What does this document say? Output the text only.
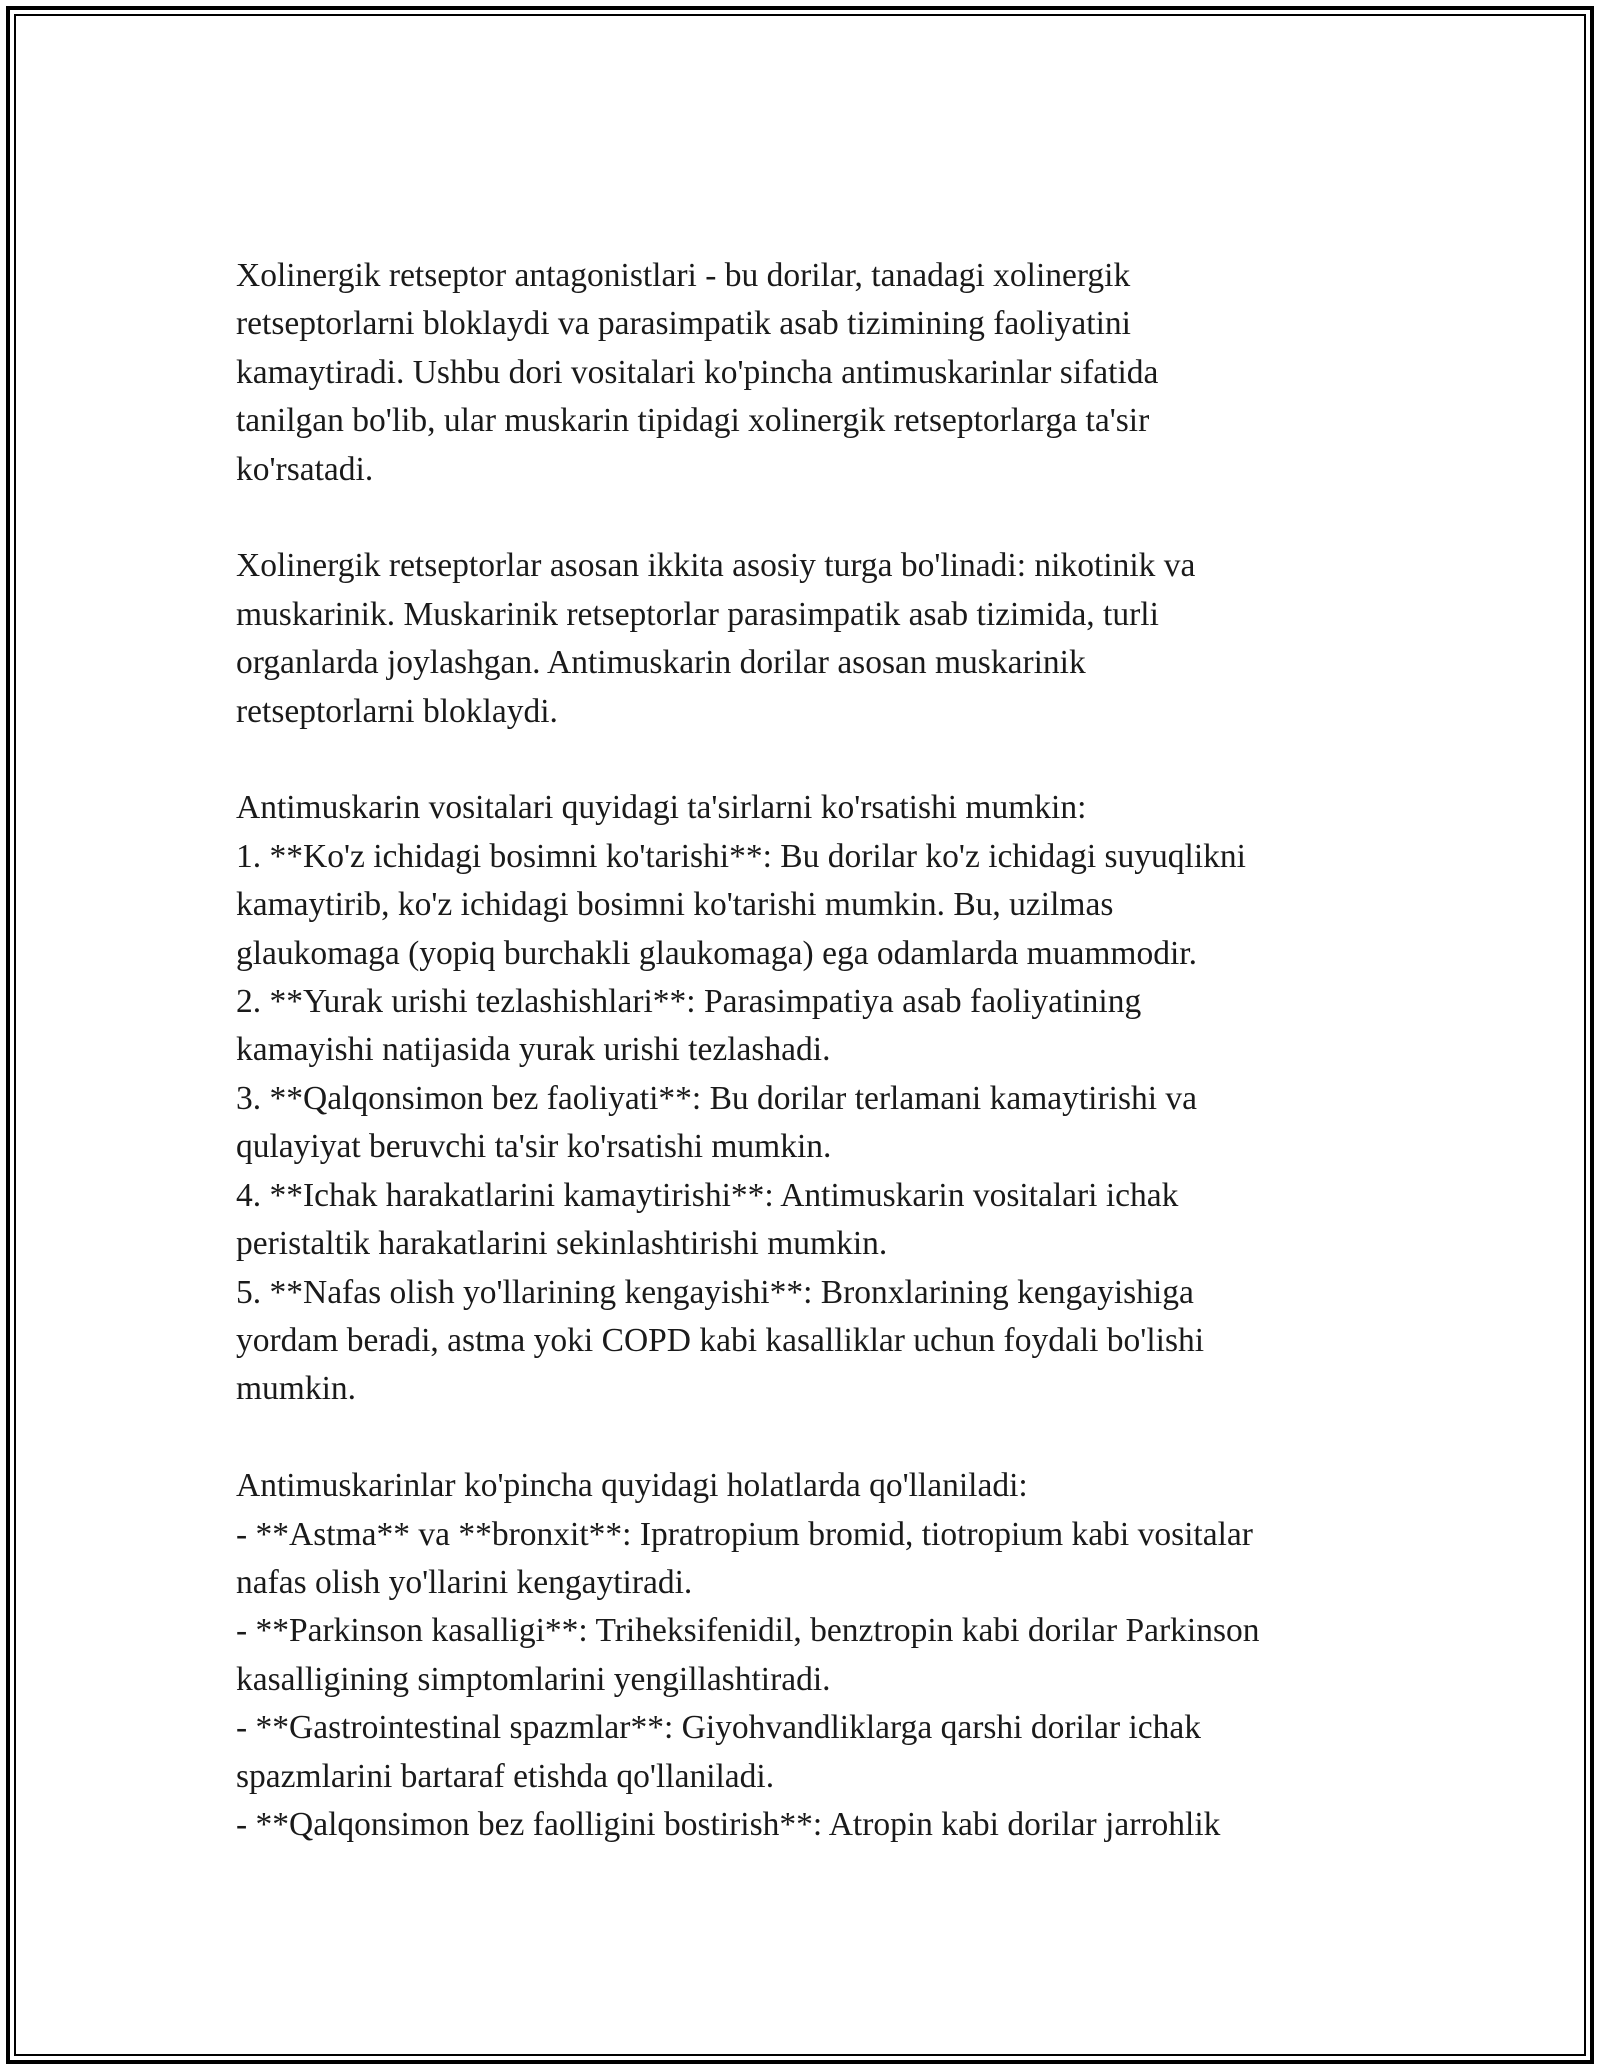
Xolinergik retseptor antagonistlari - bu dorilar, tanadagi xolinergik
retseptorlarni bloklaydi va parasimpatik asab tizimining faoliyatini
kamaytiradi. Ushbu dori vositalari ko'pincha antimuskarinlar sifatida
tanilgan bo'lib, ular muskarin tipidagi xolinergik retseptorlarga ta'sir
ko'rsatadi.
Xolinergik retseptorlar asosan ikkita asosiy turga bo'linadi: nikotinik va
muskarinik. Muskarinik retseptorlar parasimpatik asab tizimida, turli
organlarda joylashgan. Antimuskarin dorilar asosan muskarinik
retseptorlarni bloklaydi.
Antimuskarin vositalari quyidagi ta'sirlarni ko'rsatishi mumkin:
1. **Ko'z ichidagi bosimni ko'tarishi**: Bu dorilar ko'z ichidagi suyuqlikni
kamaytirib, ko'z ichidagi bosimni ko'tarishi mumkin. Bu, uzilmas
glaukomaga (yopiq burchakli glaukomaga) ega odamlarda muammodir.
2. **Yurak urishi tezlashishlari**: Parasimpatiya asab faoliyatining
kamayishi natijasida yurak urishi tezlashadi.
3. **Qalqonsimon bez faoliyati**: Bu dorilar terlamani kamaytirishi va
qulayiyat beruvchi ta'sir ko'rsatishi mumkin.
4. **Ichak harakatlarini kamaytirishi**: Antimuskarin vositalari ichak
peristaltik harakatlarini sekinlashtirishi mumkin.
5. **Nafas olish yo'llarining kengayishi**: Bronxlarining kengayishiga
yordam beradi, astma yoki COPD kabi kasalliklar uchun foydali bo'lishi
mumkin.
Antimuskarinlar ko'pincha quyidagi holatlarda qo'llaniladi:
- **Astma** va **bronxit**: Ipratropium bromid, tiotropium kabi vositalar
nafas olish yo'llarini kengaytiradi.
- **Parkinson kasalligi**: Triheksifenidil, benztropin kabi dorilar Parkinson
kasalligining simptomlarini yengillashtiradi.
- **Gastrointestinal spazmlar**: Giyohvandliklarga qarshi dorilar ichak
spazmlarini bartaraf etishda qo'llaniladi.
- **Qalqonsimon bez faolligini bostirish**: Atropin kabi dorilar jarrohlik
